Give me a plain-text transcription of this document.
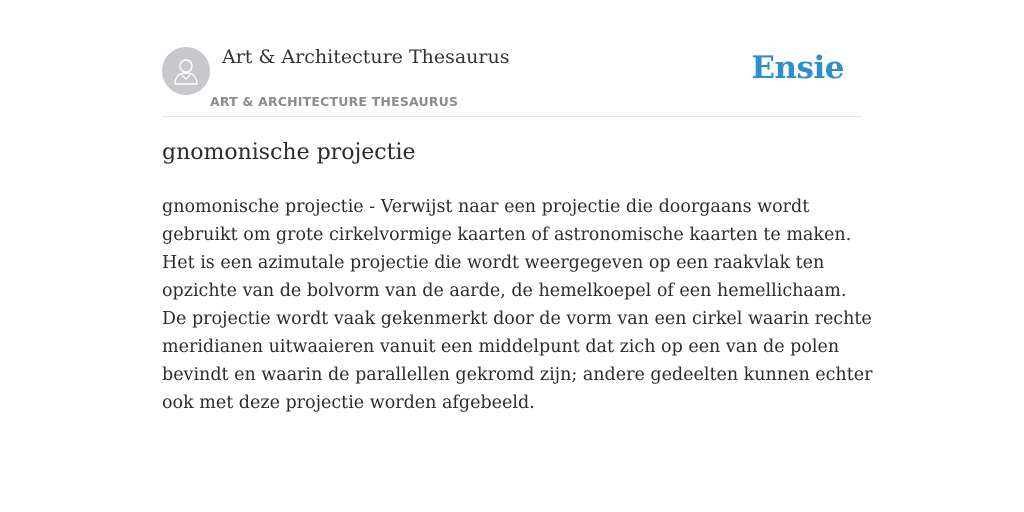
Art & Architecture Thesaurus
ART & ARCHITECTURE THESAURUS
Ensie
gnomonische projectie

gnomonische projectie - Verwijst naar een projectie die doorgaans wordt gebruikt om grote cirkelvormige kaarten of astronomische kaarten te maken. Het is een azimutale projectie die wordt weergegeven op een raakvlak ten opzichte van de bolvorm van de aarde, de hemelkoepel of een hemellichaam. De projectie wordt vaak gekenmerkt door de vorm van een cirkel waarin rechte meridianen uitwaaieren vanuit een middelpunt dat zich op een van de polen bevindt en waarin de parallellen gekromd zijn; andere gedeelten kunnen echter ook met deze projectie worden afgebeeld.
